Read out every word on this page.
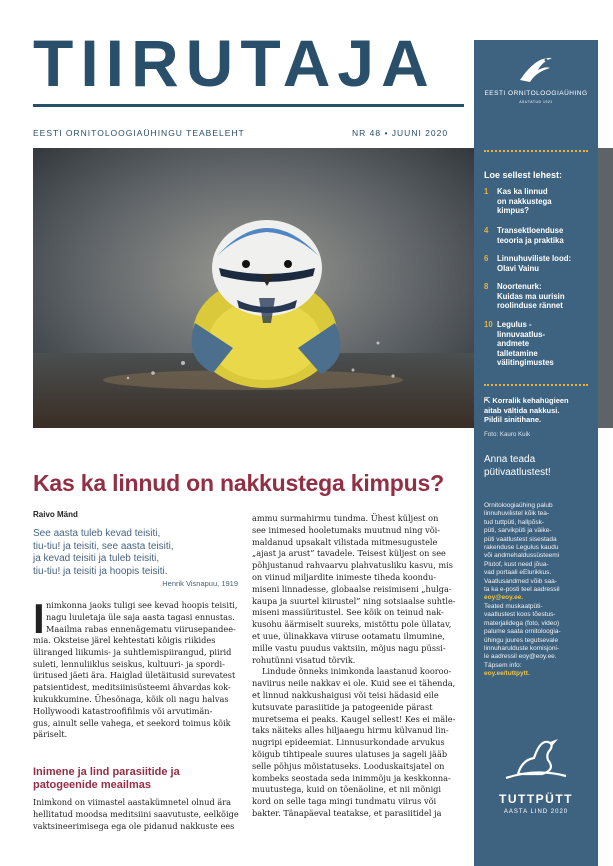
TIIRUTAJA
EESTI ORNITOLOOGIAÜHINGU TEABELEHT	NR 48 • JUUNI 2020
EESTI ORNITOLOOGIAÜHING
ASUTATUD 1921
Loe sellest lehest:
1	Kas ka linnud
on nakkustega
kimpus?
4	Transektloenduse
teooria ja praktika
6	Linnuhuviliste lood:
Olavi Vainu
8	Noortenurk:
Kuidas ma uurisin
roolinduse rännet
10 Legulus -
linnuvaatlus-
andmete
talletamine
välitingimustes
⇱ Korralik kehahügieen
aitab vältida nakkusi.
Pildil sinitihane.
Foto: Kauro Kuik
Anna teada
pütivaatlustest!
Ornitoloogiaühing palub
linnuhuvilistel kõik tea-
tud tuttpüti, hallpõsk-
püti, sarvikpüti ja väike-
püti vaatlustest sisestada
rakenduse Legulus kaudu
või andmehaldussüsteemi
Plutof, kust need jõua-
vad portaali eElurikkus.
Vaatlusandmed võib saa-
ta ka e-posti teel aadressil
eoy@eoy.ee.
Teated muskaatpüti-
vaatlustest koos tõestus-
materjalidega (foto, video)
palume saata ornitoloogia-
ühingu juures tegutsevale
linnuharulduste komisjoni-
le aadressil eoy@eoy.ee.
Täpsem info:
eoy.ee/tuttpytt.
TUTTPÜTT
AASTA LIND 2020
Kas ka linnud on nakkustega kimpus?
Raivo Mänd
See aasta tuleb kevad teisiti,
tiu-tiu! ja teisiti, see aasta teisiti,
ja kevad teisiti ja tuleb teisiti,
tiu-tiu! ja teisiti ja hoopis teisiti.
Henrik Visnapuu, 1919
I nimkonna jaoks tuligi see kevad hoopis teisiti,
nagu luuletaja üle saja aasta tagasi ennustas.
Maailma rabas ennenägematu viirusepandee-
mia. Oksteise järel kehtestati kõigis riikides
üliranged liikumis- ja suhtlemispiirangud, piirid
suleti, lennuliiklus seiskus, kultuuri- ja spordi-
üritused jäeti ära. Haiglad ületäitusid surevatest
patsientidest, meditsiinisüsteemi ähvardas kok-
kukukkumine. Ühesõnaga, kõik oli nagu halvas
Hollywoodi katastroofifilmis või arvutimän-
gus, ainult selle vahega, et seekord toimus kõik
päriselt.
Inimene ja lind parasiitide ja
patogeenide meailmas
Inimkond on viimastel aastakümnetel olnud ära
hellitatud moodsa meditsiini saavutuste, eelkõige
vaktsineerimisega ega ole pidanud nakkuste ees
ammu surmahirmu tundma. Ühest küljest on
see inimesed hooletumaks muutnud ning või-
maldanud upsakalt vilistada mitmesugustele
„ajast ja arust” tavadele. Teisest küljest on see
põhjustanud rahvaarvu plahvatusliku kasvu, mis
on viinud miljardite inimeste tiheda koondu-
miseni linnadesse, globaalse reisimiseni „hulga-
kaupa ja suurtel kiirustel” ning sotsiaalse suhtle-
miseni massiüritustel. See kõik on teinud nak-
kusohu äärmiselt suureks, mistõttu pole üllatav,
et uue, ülinakkava viiruse ootamatu ilmumine,
mille vastu puudus vaktsiin, mõjus nagu püssi-
rohutünni visatud tõrvik.
Lindude õnneks inimkonda laastanud kooroo-
naviirus neile nakkav ei ole. Kuid see ei tähenda,
et linnud nakkushaigusi või teisi hädasid eile
kutsuvate parasiitide ja patogeenide pärast
muretsema ei peaks. Kaugel sellest! Kes ei mäle-
taks näiteks alles hiljaaegu hirmu külvanud lin-
nugripi epideemiat. Linnusurkondade arvukus
kõigub tihtipeale suures ulatuses ja sageli jääb
selle põhjus mõistatuseks. Looduskaitsjatel on
kombeks seostada seda inimmõju ja keskkonna-
muutustega, kuid on tõenäoline, et nii mõnigi
kord on selle taga mingi tundmatu viirus või
bakter. Tänapäeval teatakse, et parasiitidel ja
